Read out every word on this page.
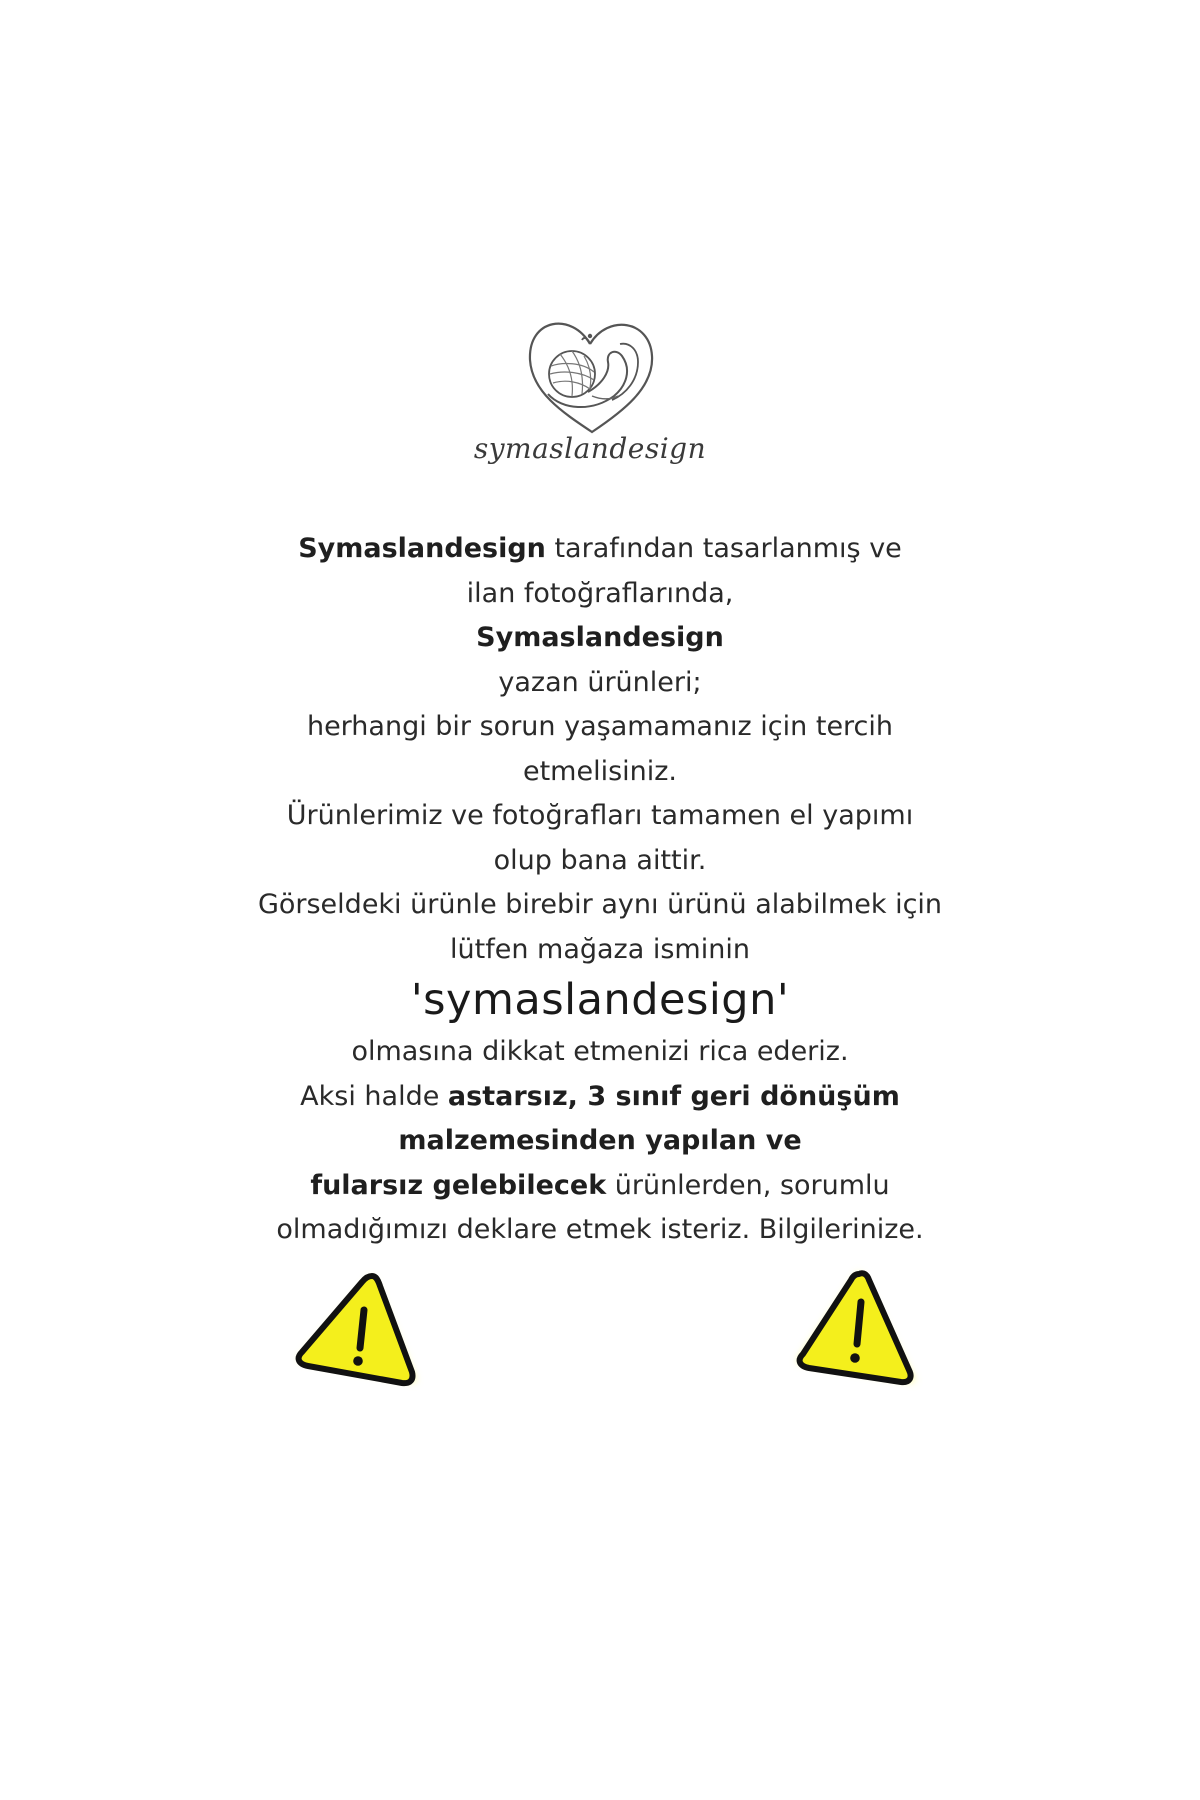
symaslandesign
Symaslandesign tarafından tasarlanmış ve
ilan fotoğraflarında,
Symaslandesign
yazan ürünleri;
herhangi bir sorun yaşamamanız için tercih
etmelisiniz.
Ürünlerimiz ve fotoğrafları tamamen el yapımı
olup bana aittir.
Görseldeki ürünle birebir aynı ürünü alabilmek için
lütfen mağaza isminin
'symaslandesign'
olmasına dikkat etmenizi rica ederiz.
Aksi halde astarsız, 3 sınıf geri dönüşüm
malzemesinden yapılan ve
fularsız gelebilecek ürünlerden, sorumlu
olmadığımızı deklare etmek isteriz. Bilgilerinize.
